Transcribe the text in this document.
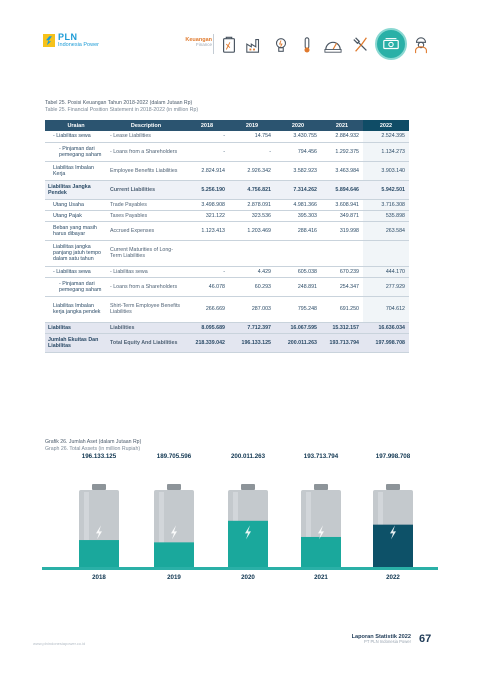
PLN
Indonesia Power
Keuangan
Finance
Tabel 25. Posisi Keuangan Tahun 2018-2022 (dalam Jutaan Rp)
Table 25. Financial Position Statement in 2018-2022 (in million Rp)
Uraian	Description	2018	2019	2020	2021	2022
- Liabilitas sewa	- Lease Liabilities	-	14.754	3.430.755	2.884.932	2.524.395
- Pinjaman dari pemegang saham	- Loans from a Shareholders	-	-	794.456	1.292.375	1.134.273
Liabilitas Imbalan Kerja	Employee Benefits Liabilities	2.824.914	2.926.342	3.582.923	3.463.984	3.903.140
Liabilitas Jangka Pendek	Current Liabilities	5.256.190	4.756.821	7.314.262	5.894.646	5.942.501
Utang Usaha	Trade Payables	3.498.908	2.878.091	4.981.366	3.608.941	3.716.308
Utang Pajak	Taxes Payables	321.122	323.536	395.303	349.871	535.898
Beban yang masih harus dibayar	Accrued Expenses	1.123.413	1.203.469	288.416	319.998	263.584
Liabilitas jangka panjang jatuh tempo dalam satu tahun	Current Maturities of Long-Term Liabilities					
- Liabilitas sewa	- Liabilitas sewa	-	4.429	605.038	670.239	444.170
- Pinjaman dari pemegang saham	- Loans from a Shareholders	46.078	60.293	248.891	254.347	277.929
Liabilitas Imbalan kerja jangka pendek	Shirt-Term Employee Benefits Liabilities	266.669	287.003	795.248	691.250	704.612
Liabilitas	Liabilities	8.095.689	7.712.397	16.067.595	15.312.157	16.636.034
Jumlah Ekuitas Dan Liabilitas	Total Equity And Liabilities	218.339.042	196.133.125	200.011.263	193.713.794	197.998.708
Grafik 26. Jumlah Aset (dalam Jutaan Rp)
Graph 26. Total Assets (in million Rupiah)
196.133.125
2018
189.705.596
2019
200.011.263
2020
193.713.794
2021
197.998.708
2022
www.plnindonesiapower.co.id
Laporan Statistik 2022
PT PLN Indonesia Power 67
